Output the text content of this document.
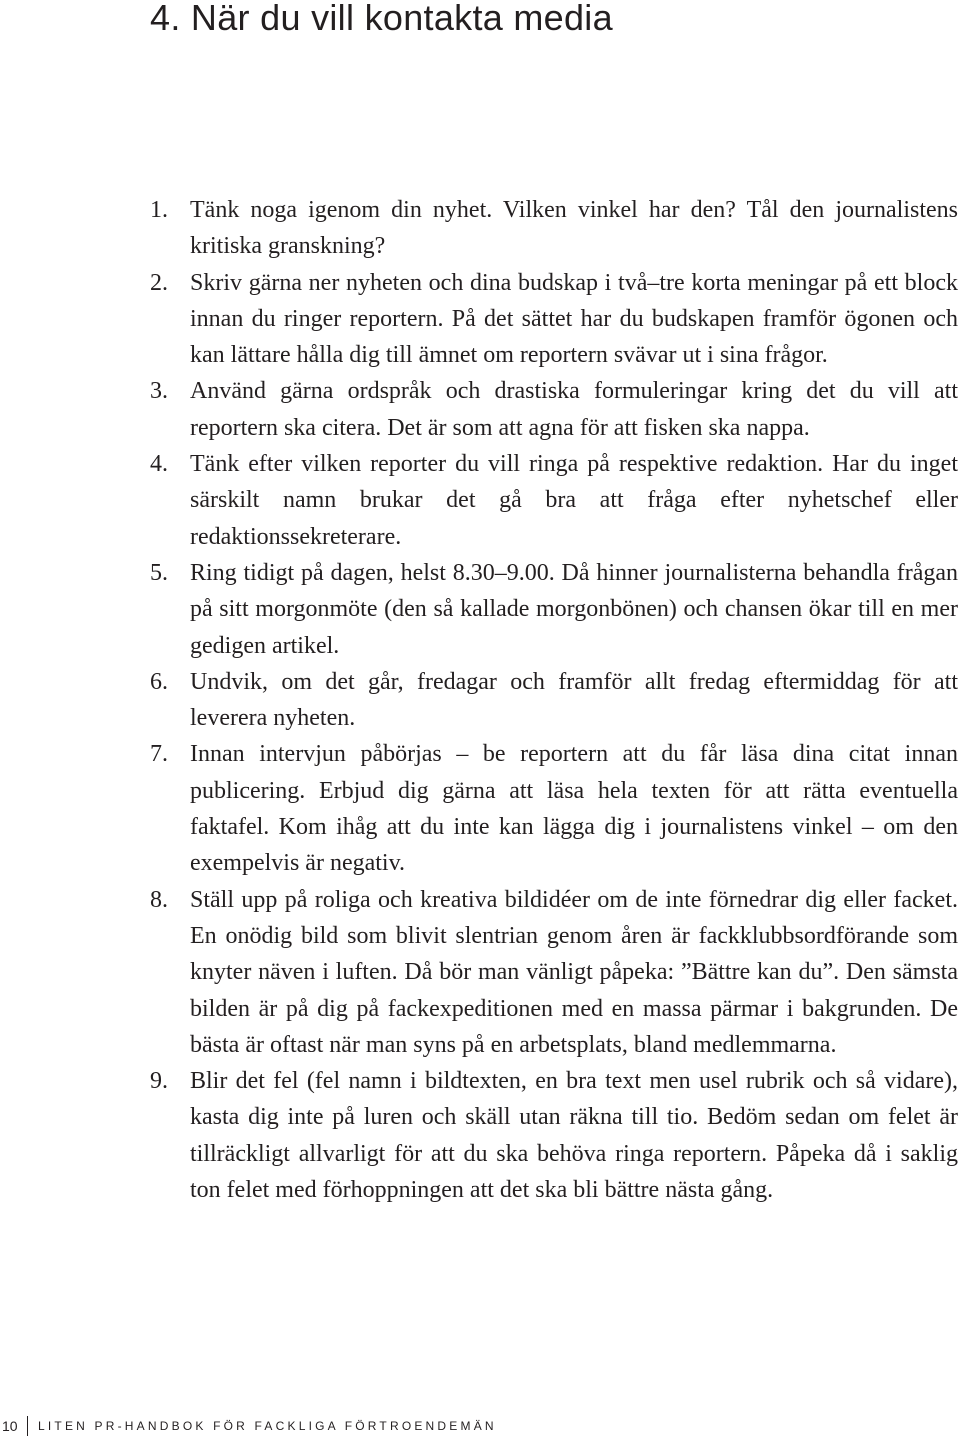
4. När du vill kontakta media
1. Tänk noga igenom din nyhet. Vilken vinkel har den? Tål den journalistens kritiska granskning?
2. Skriv gärna ner nyheten och dina budskap i två–tre korta meningar på ett block innan du ringer reportern. På det sättet har du budskapen framför ögonen och kan lättare hålla dig till ämnet om reportern svävar ut i sina frågor.
3. Använd gärna ordspråk och drastiska formuleringar kring det du vill att reportern ska citera. Det är som att agna för att fisken ska nappa.
4. Tänk efter vilken reporter du vill ringa på respektive redaktion. Har du inget särskilt namn brukar det gå bra att fråga efter nyhetschef eller redaktionssekreterare.
5. Ring tidigt på dagen, helst 8.30–9.00. Då hinner journalisterna behandla frågan på sitt morgonmöte (den så kallade morgonbönen) och chansen ökar till en mer gedigen artikel.
6. Undvik, om det går, fredagar och framför allt fredag eftermiddag för att leverera nyheten.
7. Innan intervjun påbörjas – be reportern att du får läsa dina citat innan publicering. Erbjud dig gärna att läsa hela texten för att rätta eventuella faktafel. Kom ihåg att du inte kan lägga dig i journalistens vinkel – om den exempelvis är negativ.
8. Ställ upp på roliga och kreativa bildidéer om de inte förnedrar dig eller facket. En onödig bild som blivit slentrian genom åren är fackklubbsordförande som knyter näven i luften. Då bör man vänligt påpeka: ”Bättre kan du”. Den sämsta bilden är på dig på fackexpeditionen med en massa pärmar i bakgrunden. De bästa är oftast när man syns på en arbetsplats, bland medlemmarna.
9. Blir det fel (fel namn i bildtexten, en bra text men usel rubrik och så vidare), kasta dig inte på luren och skäll utan räkna till tio. Bedöm sedan om felet är tillräckligt allvarligt för att du ska behöva ringa reportern. Påpeka då i saklig ton felet med förhoppningen att det ska bli bättre nästa gång.
10 LITEN PR-HANDBOK FÖR FACKLIGA FÖRTROENDEMÄN
